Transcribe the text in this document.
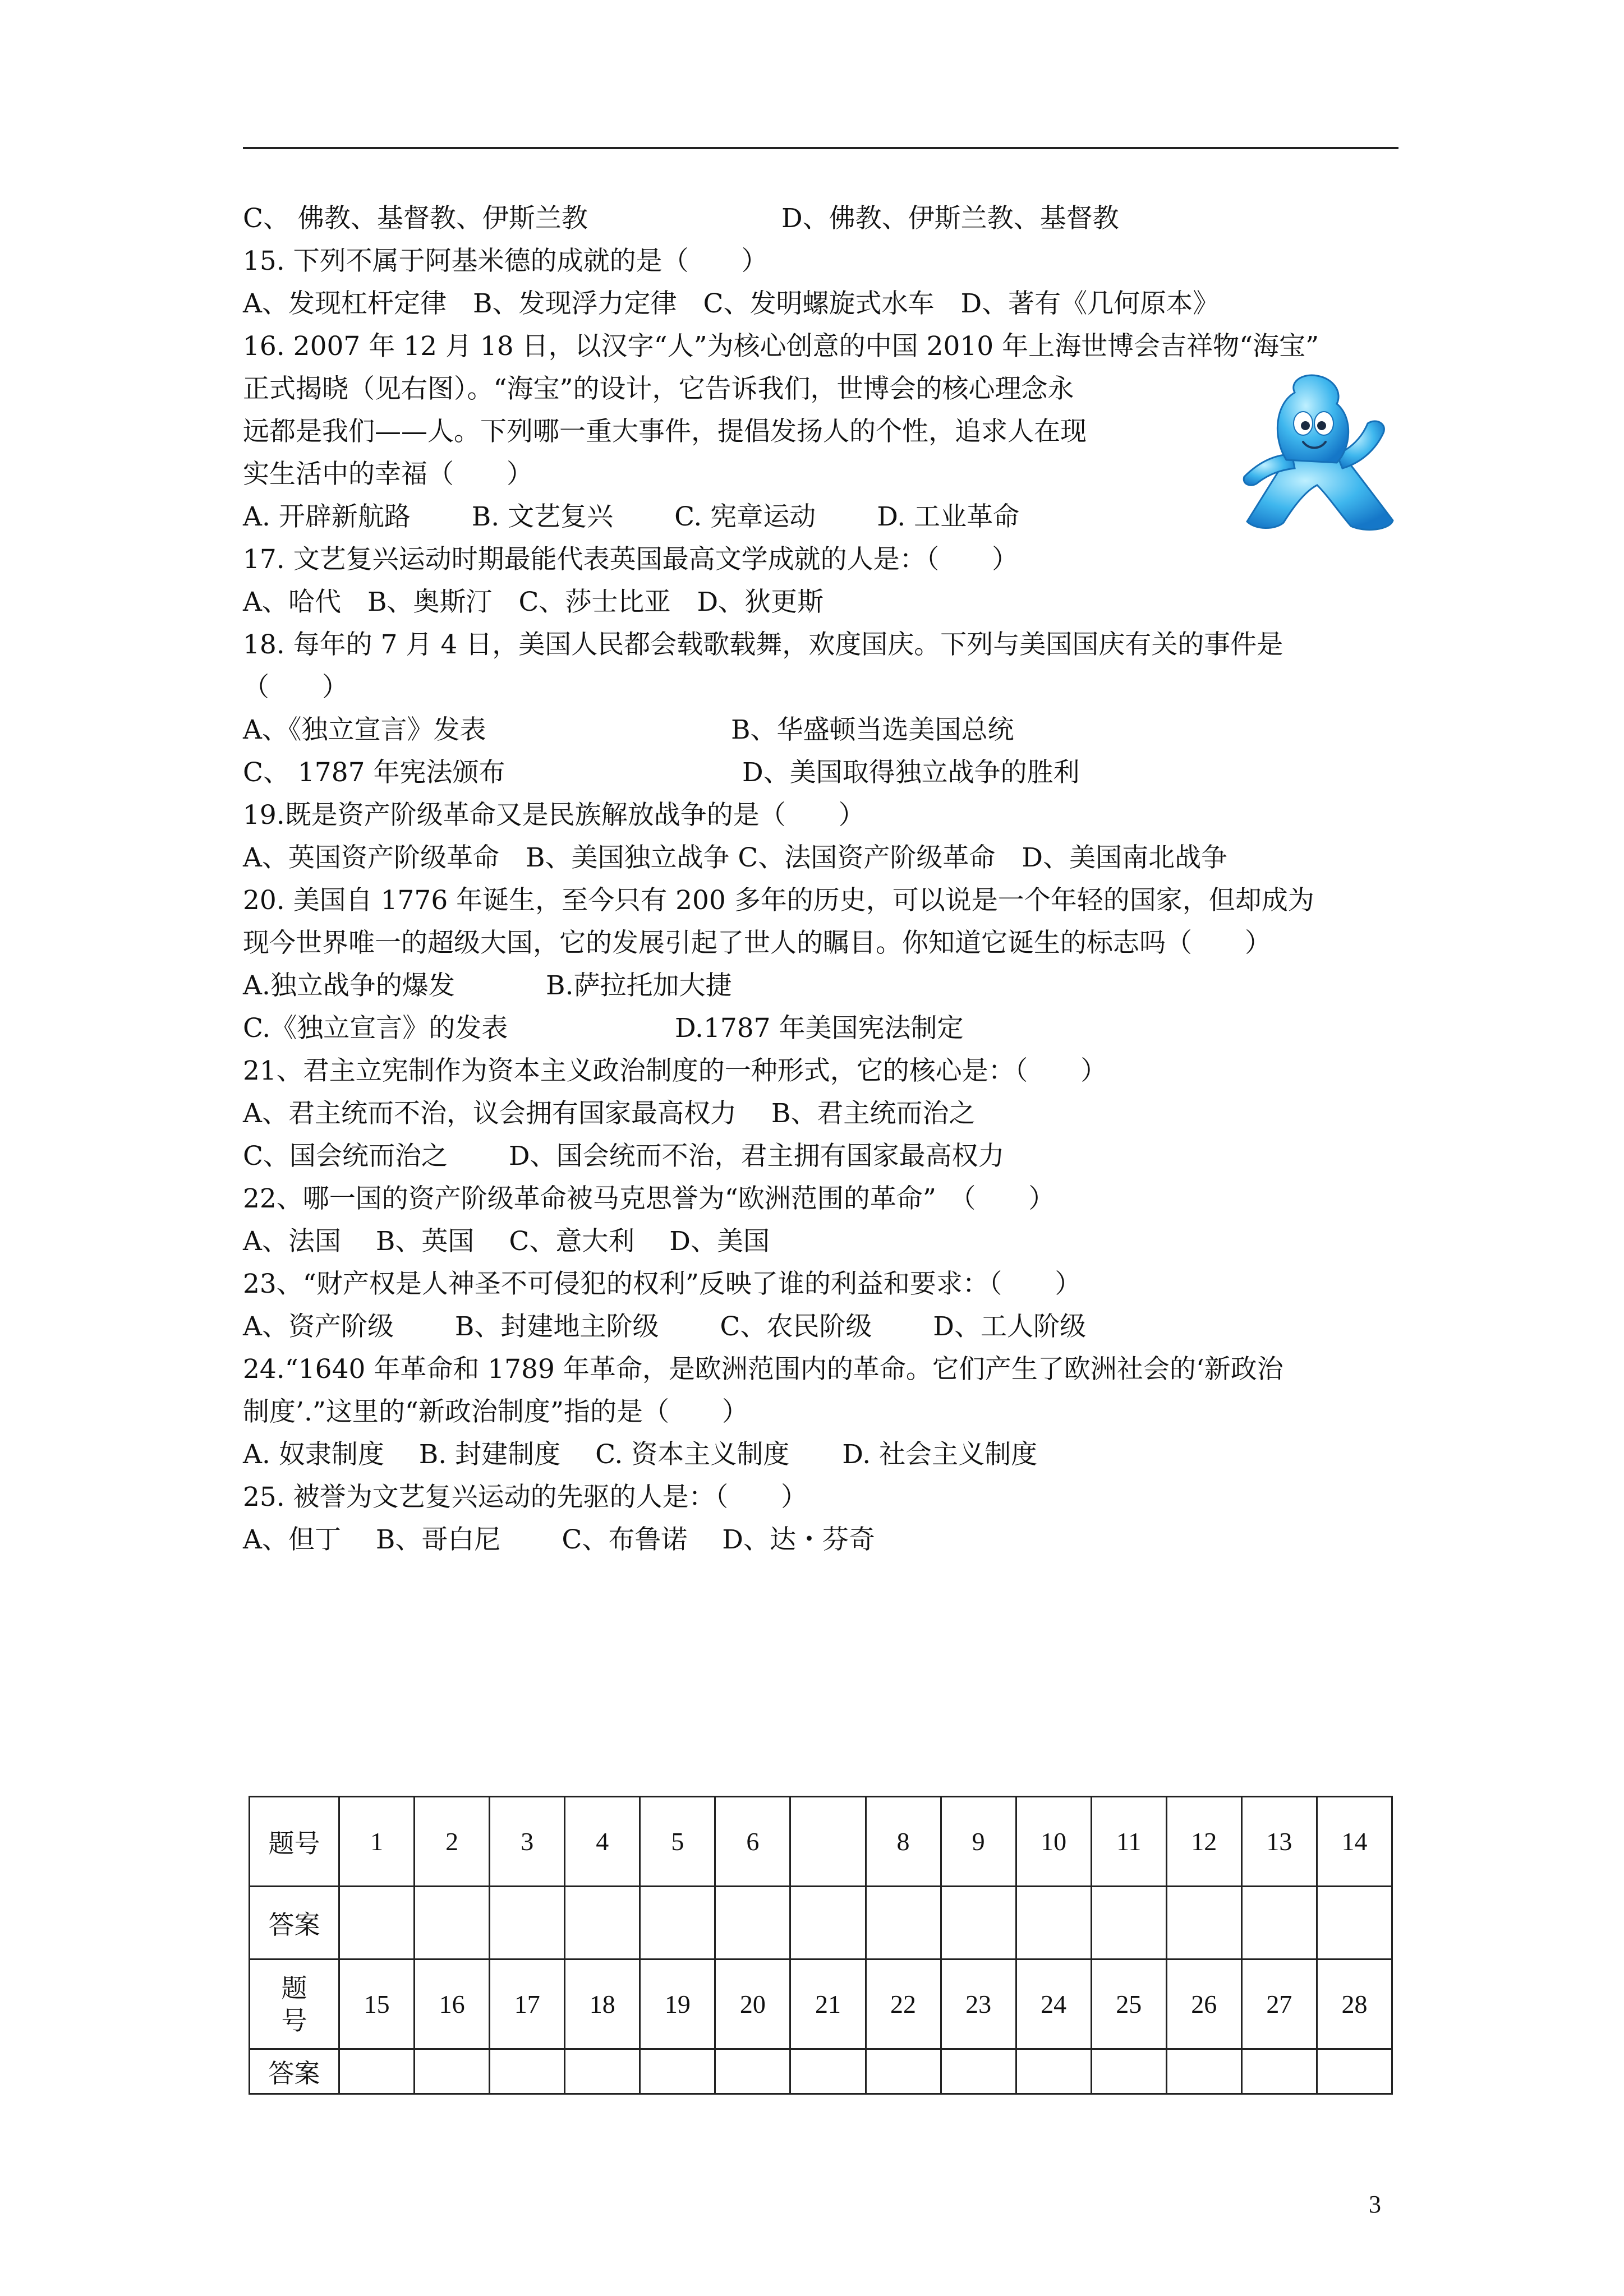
C、 佛教、基督教、伊斯兰教	D、佛教、伊斯兰教、基督教
15. 下列不属于阿基米德的成就的是（　　）
A、发现杠杆定律　B、发现浮力定律　C、发明螺旋式水车　D、著有《几何原本》
16. 2007 年 12 月 18 日，以汉字“人”为核心创意的中国 2010 年上海世博会吉祥物“海宝”
正式揭晓（见右图）。“海宝”的设计，它告诉我们，世博会的核心理念永
远都是我们——人。下列哪一重大事件，提倡发扬人的个性，追求人在现
实生活中的幸福（　　）
A. 开辟新航路　　 B. 文艺复兴　　 C. 宪章运动　　 D. 工业革命
17. 文艺复兴运动时期最能代表英国最高文学成就的人是：（　　）
A、哈代　B、奥斯汀　C、莎士比亚　D、狄更斯
18. 每年的 7 月 4 日，美国人民都会载歌载舞，欢度国庆。下列与美国国庆有关的事件是
（　　）
A、《独立宣言》发表	B、华盛顿当选美国总统
C、 1787 年宪法颁布	D、美国取得独立战争的胜利
19.既是资产阶级革命又是民族解放战争的是（　　）
A、英国资产阶级革命　B、美国独立战争 C、法国资产阶级革命　D、美国南北战争
20. 美国自 1776 年诞生，至今只有 200 多年的历史，可以说是一个年轻的国家，但却成为
现今世界唯一的超级大国，它的发展引起了世人的瞩目。你知道它诞生的标志吗（　　）
A.独立战争的爆发	B.萨拉托加大捷
C.《独立宣言》的发表	D.1787 年美国宪法制定
21、君主立宪制作为资本主义政治制度的一种形式，它的核心是：（　　）
A、君主统而不治，议会拥有国家最高权力　 B、君主统而治之
C、国会统而治之　　 D、国会统而不治，君主拥有国家最高权力
22、哪一国的资产阶级革命被马克思誉为“欧洲范围的革命”　（　　）
A、法国　 B、英国　 C、意大利　 D、美国
23、“财产权是人神圣不可侵犯的权利”反映了谁的利益和要求：（　　）
A、资产阶级　　 B、封建地主阶级　　 C、农民阶级　　 D、工人阶级
24.“1640 年革命和 1789 年革命，是欧洲范围内的革命。它们产生了欧洲社会的‘新政治
制度’.”这里的“新政治制度”指的是（　　）
A. 奴隶制度　 B. 封建制度　 C. 资本主义制度　　D. 社会主义制度
25. 被誉为文艺复兴运动的先驱的人是：（　　）
A、但丁　 B、哥白尼　　 C、布鲁诺　 D、达・芬奇
题号	1	2	3	4	5	6		8	9	10	11	12	13	14
答案														
题
号	15	16	17	18	19	20	21	22	23	24	25	26	27	28
答案														
3
